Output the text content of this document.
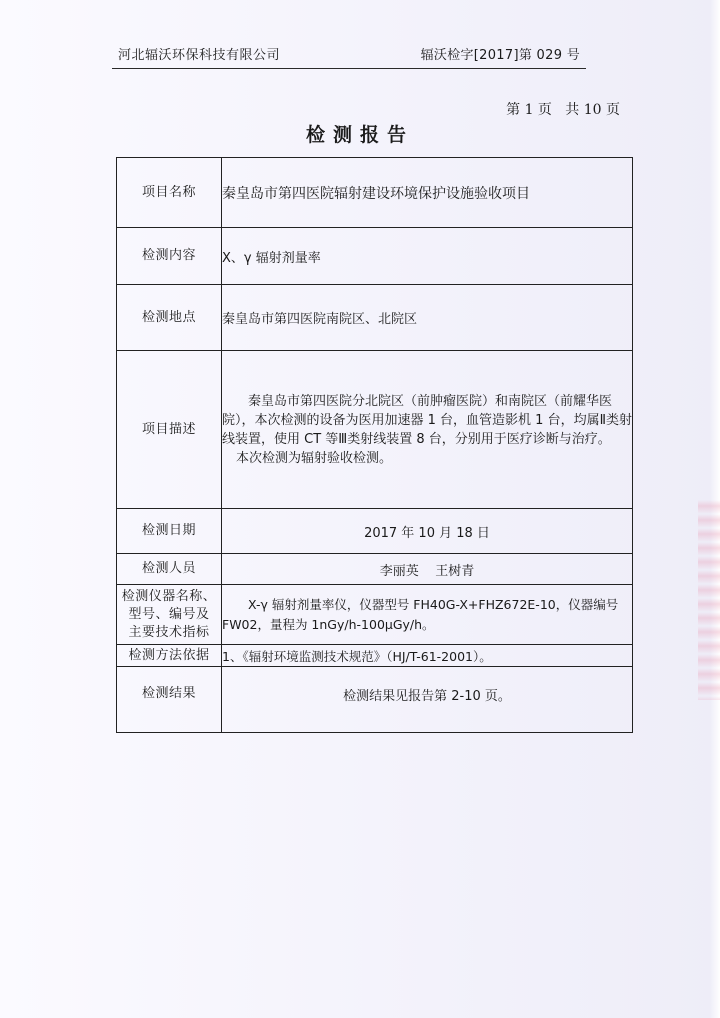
河北辐沃环保科技有限公司	辐沃检字[2017]第 029 号
第 1 页   共 10 页
检测报告
项目名称	秦皇岛市第四医院辐射建设环境保护设施验收项目
检测内容	X、γ 辐射剂量率
检测地点	秦皇岛市第四医院南院区、北院区
项目描述	秦皇岛市第四医院分北院区（前肿瘤医院）和南院区（前耀华医院），本次检测的设备为医用加速器 1 台，血管造影机 1 台，均属Ⅱ类射线装置，使用 CT 等Ⅲ类射线装置 8 台，分别用于医疗诊断与治疗。

本次检测为辐射验收检测。

检测日期	2017 年 10 月 18 日
检测人员	李丽英    王树青

检测仪器名称、
型号、编号及
主要技术指标	X-γ 辐射剂量率仪，仪器型号 FH40G-X+FHZ672E-10，仪器编号 FW02，量程为 1nGy/h-100μGy/h。

检测方法依据	1、《辐射环境监测技术规范》（HJ/T-61-2001）。
检测结果	检测结果见报告第 2-10 页。
